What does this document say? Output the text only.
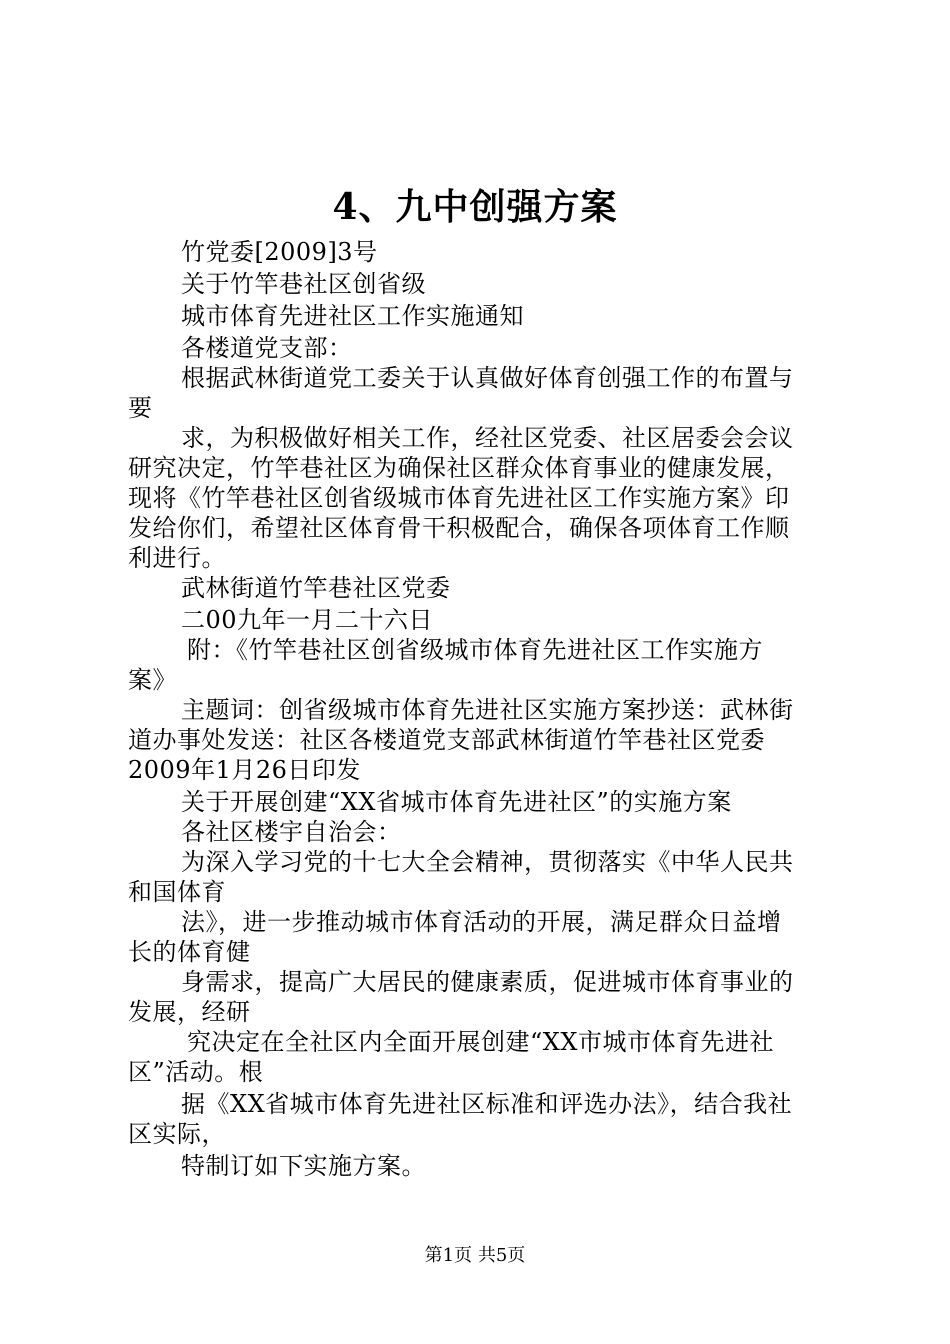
4、九中创强方案
竹党委[2009]3号
关于竹竿巷社区创省级
城市体育先进社区工作实施通知
各楼道党支部：
根据武林街道党工委关于认真做好体育创强工作的布置与
要
求，为积极做好相关工作，经社区党委、社区居委会会议
研究决定，竹竿巷社区为确保社区群众体育事业的健康发展，
现将《竹竿巷社区创省级城市体育先进社区工作实施方案》印
发给你们，希望社区体育骨干积极配合，确保各项体育工作顺
利进行。
武林街道竹竿巷社区党委
二00九年一月二十六日
附：《竹竿巷社区创省级城市体育先进社区工作实施方
案》
主题词：创省级城市体育先进社区实施方案抄送：武林街
道办事处发送：社区各楼道党支部武林街道竹竿巷社区党委
2009年1月26日印发
关于开展创建“XX省城市体育先进社区”的实施方案
各社区楼宇自治会：
为深入学习党的十七大全会精神，贯彻落实《中华人民共
和国体育
法》，进一步推动城市体育活动的开展，满足群众日益增
长的体育健
身需求，提高广大居民的健康素质，促进城市体育事业的
发展，经研
究决定在全社区内全面开展创建“XX市城市体育先进社
区”活动。根
据《XX省城市体育先进社区标准和评选办法》，结合我社
区实际，
特制订如下实施方案。
第1页 共5页
